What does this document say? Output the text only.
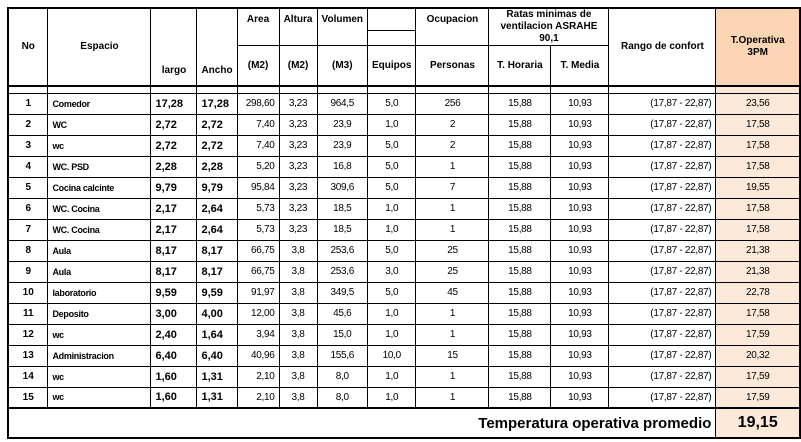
No	Espacio	largo	Ancho	Area	Altura	Volumen		Ocupacion	Ratas minimas de ventilacion ASRAHE 90,1		Rango de confort	T.Operativa 3PM

				(M2)	(M2)	(M3)	Equipos	Personas	T. Horaria	T. Media		

1	Comedor	17,28	17,28	298,60	3,23	964,5	5,0	256	15,88	10,93	(17,87 - 22,87)	23,56
2	WC	2,72	2,72	7,40	3,23	23,9	1,0	2	15,88	10,93	(17,87 - 22,87)	17,58
3	wc	2,72	2,72	7,40	3,23	23,9	5,0	2	15,88	10,93	(17,87 - 22,87)	17,58
4	WC. PSD	2,28	2,28	5,20	3,23	16,8	5,0	1	15,88	10,93	(17,87 - 22,87)	17,58
5	Cocina calcinte	9,79	9,79	95,84	3,23	309,6	5,0	7	15,88	10,93	(17,87 - 22,87)	19,55
6	WC. Cocina	2,17	2,64	5,73	3,23	18,5	1,0	1	15,88	10,93	(17,87 - 22,87)	17,58
7	WC. Cocina	2,17	2,64	5,73	3,23	18,5	1,0	1	15,88	10,93	(17,87 - 22,87)	17,58
8	Aula	8,17	8,17	66,75	3,8	253,6	5,0	25	15,88	10,93	(17,87 - 22,87)	21,38
9	Aula	8,17	8,17	66,75	3,8	253,6	3,0	25	15,88	10,93	(17,87 - 22,87)	21,38
10	laboratorio	9,59	9,59	91,97	3,8	349,5	5,0	45	15,88	10,93	(17,87 - 22,87)	22,78
11	Deposito	3,00	4,00	12,00	3,8	45,6	1,0	1	15,88	10,93	(17,87 - 22,87)	17,58
12	wc	2,40	1,64	3,94	3,8	15,0	1,0	1	15,88	10,93	(17,87 - 22,87)	17,59
13	Administracion	6,40	6,40	40,96	3,8	155,6	10,0	15	15,88	10,93	(17,87 - 22,87)	20,32
14	wc	1,60	1,31	2,10	3,8	8,0	1,0	1	15,88	10,93	(17,87 - 22,87)	17,59
15	wc	1,60	1,31	2,10	3,8	8,0	1,0	1	15,88	10,93	(17,87 - 22,87)	17,59
Temperatura operativa promedio												19,15
